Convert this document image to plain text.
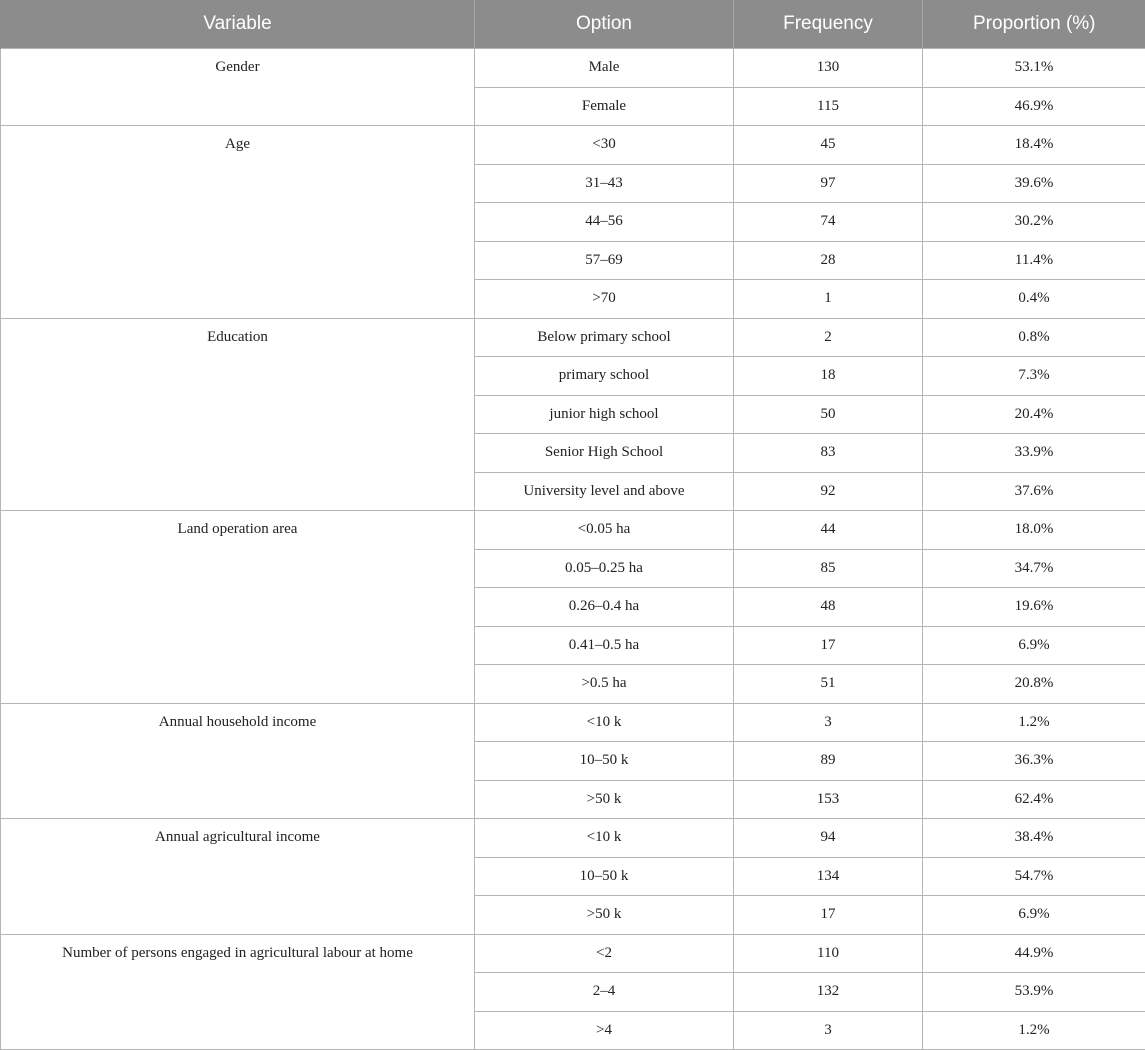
Variable	Option	Frequency	Proportion (%)
Gender	Male	130	53.1%
	Female	115	46.9%
Age	<30	45	18.4%
	31–43	97	39.6%
	44–56	74	30.2%
	57–69	28	11.4%
	>70	1	0.4%
Education	Below primary school	2	0.8%
	primary school	18	7.3%
	junior high school	50	20.4%
	Senior High School	83	33.9%
	University level and above	92	37.6%
Land operation area	<0.05 ha	44	18.0%
	0.05–0.25 ha	85	34.7%
	0.26–0.4 ha	48	19.6%
	0.41–0.5 ha	17	6.9%
	>0.5 ha	51	20.8%
Annual household income	<10 k	3	1.2%
	10–50 k	89	36.3%
	>50 k	153	62.4%
Annual agricultural income	<10 k	94	38.4%
	10–50 k	134	54.7%
	>50 k	17	6.9%
Number of persons engaged in agricultural labour at home	<2	110	44.9%
	2–4	132	53.9%
	>4	3	1.2%
